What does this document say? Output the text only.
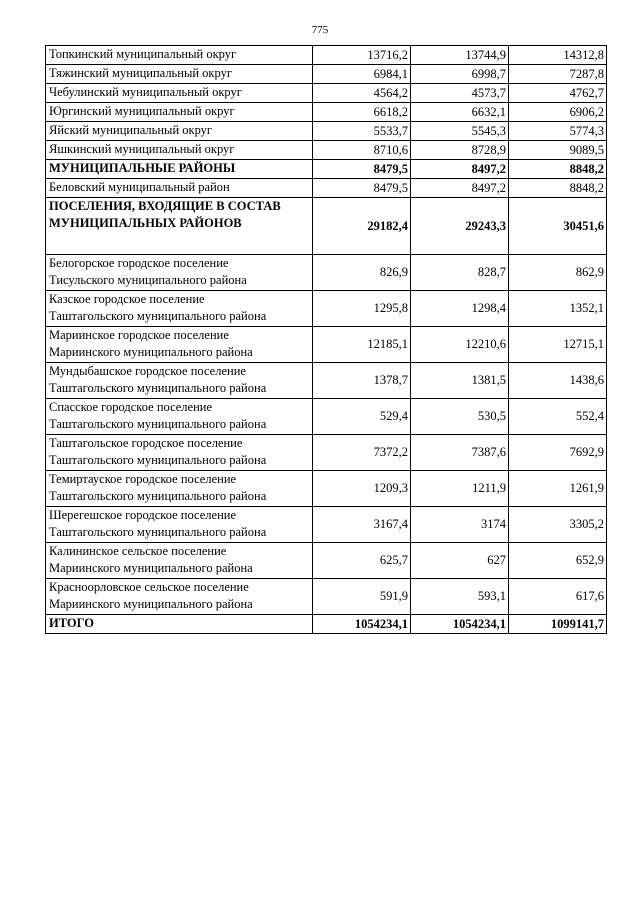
775
Топкинский муниципальный округ	13716,2	13744,9	14312,8
Тяжинский муниципальный округ	6984,1	6998,7	7287,8
Чебулинский муниципальный округ	4564,2	4573,7	4762,7
Юргинский муниципальный округ	6618,2	6632,1	6906,2
Яйский муниципальный округ	5533,7	5545,3	5774,3
Яшкинский муниципальный округ	8710,6	8728,9	9089,5
МУНИЦИПАЛЬНЫЕ РАЙОНЫ	8479,5	8497,2	8848,2
Беловский муниципальный район	8479,5	8497,2	8848,2

ПОСЕЛЕНИЯ, ВХОДЯЩИЕ В СОСТАВ
МУНИЦИПАЛЬНЫХ РАЙОНОВ	29182,4	29243,3	30451,6

Белогорское городское поселение
Тисульского муниципального района	826,9	828,7	862,9

Казское городское поселение
Таштагольского муниципального района	1295,8	1298,4	1352,1

Мариинское городское поселение
Мариинского муниципального района	12185,1	12210,6	12715,1

Мундыбашское городское поселение
Таштагольского муниципального района	1378,7	1381,5	1438,6

Спасское городское поселение
Таштагольского муниципального района	529,4	530,5	552,4

Таштагольское городское поселение
Таштагольского муниципального района	7372,2	7387,6	7692,9

Темиртауское городское поселение
Таштагольского муниципального района	1209,3	1211,9	1261,9

Шерегешское городское поселение
Таштагольского муниципального района	3167,4	3174	3305,2

Калининское сельское поселение
Мариинского муниципального района	625,7	627	652,9

Красноорловское сельское поселение
Мариинского муниципального района	591,9	593,1	617,6
ИТОГО	1054234,1	1054234,1	1099141,7
